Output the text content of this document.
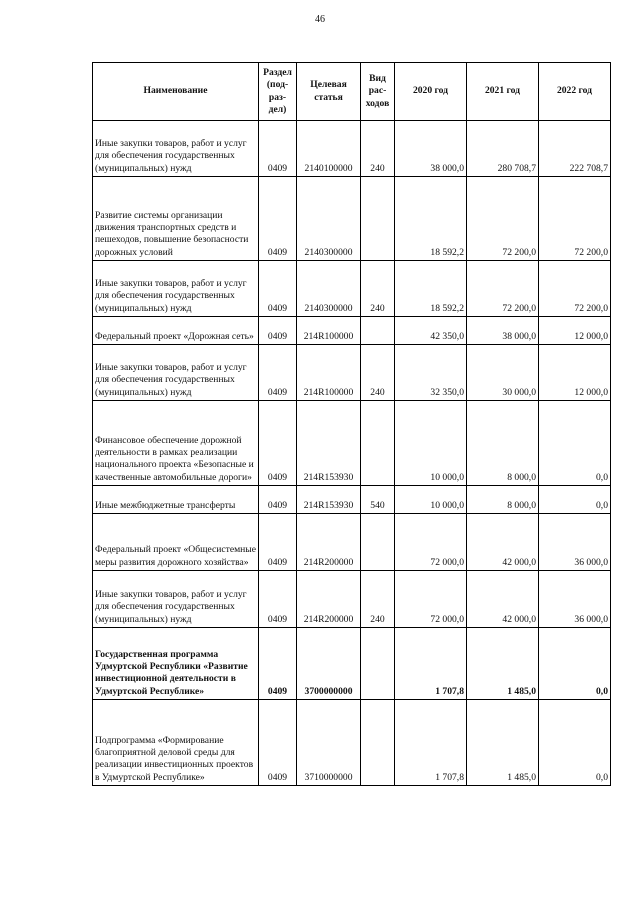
46
Наименование	Раздел (под-раз-дел)	Целевая статья	Вид рас-ходов	2020 год	2021 год	2022 год
Иные закупки товаров, работ и услуг для обеспечения государственных (муниципальных) нужд	0409	2140100000	240	38 000,0	280 708,7	222 708,7
Развитие системы организации движения транспортных средств и пешеходов, повышение безопасности дорожных условий	0409	2140300000		18 592,2	72 200,0	72 200,0
Иные закупки товаров, работ и услуг для обеспечения государственных (муниципальных) нужд	0409	2140300000	240	18 592,2	72 200,0	72 200,0
Федеральный проект «Дорожная сеть»	0409	214R100000		42 350,0	38 000,0	12 000,0
Иные закупки товаров, работ и услуг для обеспечения государственных (муниципальных) нужд	0409	214R100000	240	32 350,0	30 000,0	12 000,0
Финансовое обеспечение дорожной деятельности в рамках реализации национального проекта «Безопасные и качественные автомобильные дороги»	0409	214R153930		10 000,0	8 000,0	0,0
Иные межбюджетные трансферты	0409	214R153930	540	10 000,0	8 000,0	0,0
Федеральный проект «Общесистемные меры развития дорожного хозяйства»	0409	214R200000		72 000,0	42 000,0	36 000,0
Иные закупки товаров, работ и услуг для обеспечения государственных (муниципальных) нужд	0409	214R200000	240	72 000,0	42 000,0	36 000,0
Государственная программа Удмуртской Республики «Развитие инвестиционной деятельности в Удмуртской Республике»	0409	3700000000		1 707,8	1 485,0	0,0
Подпрограмма «Формирование благоприятной деловой среды для реализации инвестиционных проектов в Удмуртской Республике»	0409	3710000000		1 707,8	1 485,0	0,0
